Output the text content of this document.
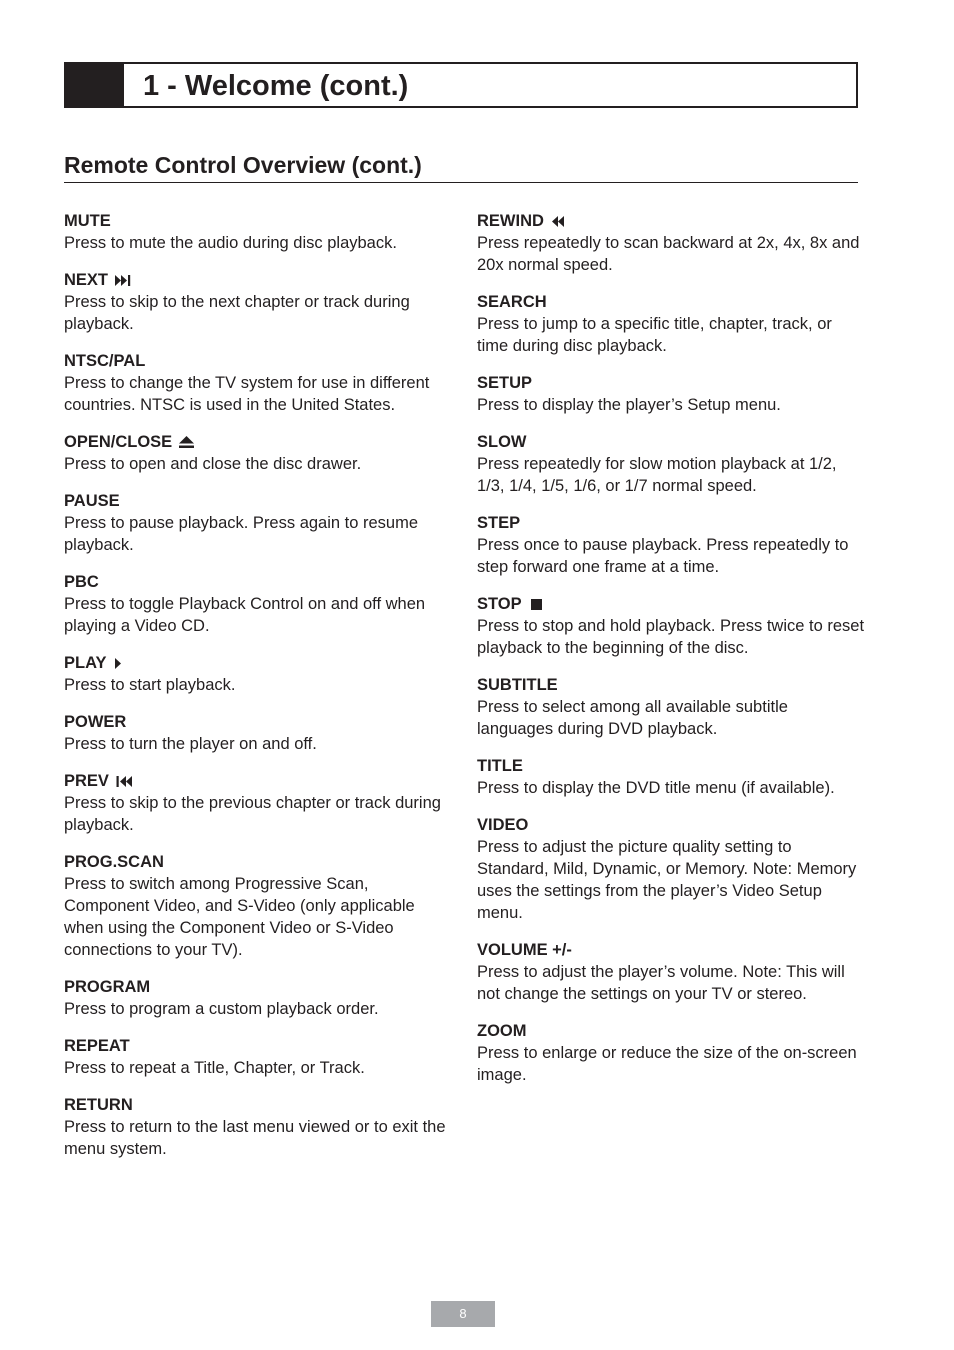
1 - Welcome (cont.)
Remote Control Overview (cont.)
MUTE
Press to mute the audio during disc playback.
NEXT
Press to skip to the next chapter or track during playback.
NTSC/PAL
Press to change the TV system for use in different countries. NTSC is used in the United States.
OPEN/CLOSE
Press to open and close the disc drawer.
PAUSE
Press to pause playback. Press again to resume playback.
PBC
Press to toggle Playback Control on and off when playing a Video CD.
PLAY
Press to start playback.
POWER
Press to turn the player on and off.
PREV
Press to skip to the previous chapter or track during playback.
PROG.SCAN
Press to switch among Progressive Scan, Component Video, and S-Video (only applicable when using the Component Video or S-Video connections to your TV).
PROGRAM
Press to program a custom playback order.
REPEAT
Press to repeat a Title, Chapter, or Track.
RETURN
Press to return to the last menu viewed or to exit the menu system.
REWIND
Press repeatedly to scan backward at 2x, 4x, 8x and 20x normal speed.
SEARCH
Press to jump to a specific title, chapter, track, or time during disc playback.
SETUP
Press to display the player’s Setup menu.
SLOW
Press repeatedly for slow motion playback at 1/2, 1/3, 1/4, 1/5, 1/6, or 1/7 normal speed.
STEP
Press once to pause playback. Press repeatedly to step forward one frame at a time.
STOP
Press to stop and hold playback. Press twice to reset playback to the beginning of the disc.
SUBTITLE
Press to select among all available subtitle languages during DVD playback.
TITLE
Press to display the DVD title menu (if available).
VIDEO
Press to adjust the picture quality setting to Standard, Mild, Dynamic, or Memory. Note: Memory uses the settings from the player’s Video Setup menu.
VOLUME +/-
Press to adjust the player’s volume. Note: This will not change the settings on your TV or stereo.
ZOOM
Press to enlarge or reduce the size of the on-screen image.
8
